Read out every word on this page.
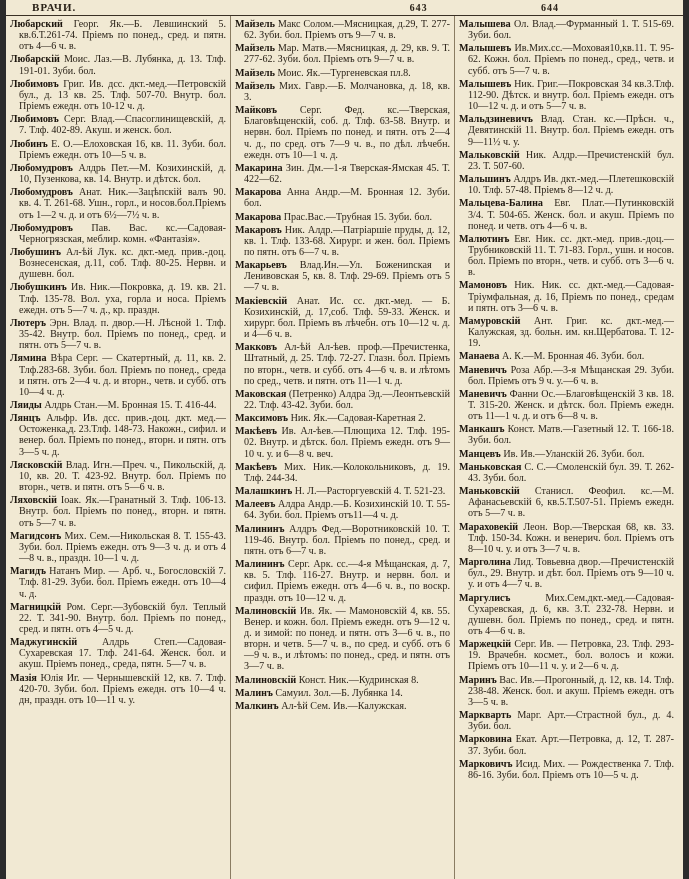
ВРАЧИ.	643	644

Любарский Георг. Як.—Б. Левшинский 5. кв.6.Т.261-74. Пріемъ по понед., сред. и пятн. отъ 4—6 ч. в.

Любарскій Моис. Лаз.—В. Лубянка, д. 13. Тлф. 191-01. Зуби. бол.

Любимовъ Григ. Ив. дсс. дкт.-мед.—Петровскій бул., д. 13 кв. 25. Тлф. 507-70. Внутр. бол. Пріемъ ежедн. отъ 10-12 ч. д.

Любимовъ Серг. Влад.—Спасоглинищевскій, д. 7. Тлф. 402-89. Акуш. и женск. бол.

Любинъ Е. О.—Елоховская 16, кв. 11. Зуби. бол. Пріемъ ежедн. отъ 10—5 ч. в.

Любомудровъ Алдрь Пет.—М. Козихинскій, д. 10, Пузенкова, кв. 14. Внутр. и дѣтск. бол.

Любомудровъ Анат. Ник.—Зацѣпскій валъ 90. кв. 4. Т. 261-68. Ушн., горл., и носов.бол.Пріемъ отъ 1—2 ч. д. и отъ 6½—7½ ч. в.

Любомудровъ Пав. Вас. кс.—Садовая-Черногрязская, меблир. комн. «Фантазія».

Любушинъ Ал-ѣй Лук. кс. дкт.-мед. прив.-доц. Вознесенская, д.11, соб. Тлф. 80-25. Нервн. и душевн. бол.

Любушкинъ Ив. Ник.—Покровка, д. 19. кв. 21. Тлф. 135-78. Вол. уха, горла и носа. Пріемъ ежедн. отъ 5—7 ч. д., кр. праздн.

Лютеръ Эрн. Влад. п. двор.—Н. Лѣсной 1. Тлф. 35-42. Внутр. бол. Пріемъ по понед., сред. и пятн. отъ 5—7 ч. в.

Лямина Вѣра Серг. — Скатертный, д. 11, кв. 2. Тлф.283-68. Зуби. бол. Пріемъ по понед., среда и пятн. отъ 2—4 ч. д. и вторн., четв. и субб. отъ 10—4 ч. д.

Ляиды Алдрь Стан.—М. Бронная 15. Т. 416-44.

Лянцъ Альфр. Ив. дсс. прив.-доц. дкт. мед.—Остоженка,д. 23.Тлф. 148-73. Накожн., сифил. и венер. бол. Пріемъ по понед., вторн. и пятн. отъ 3—5 ч. д.

Лясковскій Влад. Игн.—Преч. ч., Пикольскій, д. 10, кв. 20. Т. 423-92. Внутр. бол. Пріемъ по вторн., четв. и пятн. отъ 5—6 ч. в.

Ляховскій Іоак. Як.—Гранатный 3. Тлф. 106-13. Внутр. бол. Пріемъ по понед., вторн. и пятн. отъ 5—7 ч. в.

Магидсонъ Мих. Сем.—Никольская 8. Т. 155-43. Зуби. бол. Пріемъ ежедн. отъ 9—3 ч. д. и отъ 4—8 ч. в., праздн. 10—1 ч. д.

Магидъ Натанъ Мир. — Арб. ч., Богословскій 7. Тлф. 81-29. Зуби. бол. Пріемъ ежедн. отъ 10—4 ч. д.

Магницкій Ром. Серг.—Зубовскій бул. Теплый 22. Т. 341-90. Внутр. бол. Пріемъ по понед., сред. и пятн. отъ 4—5 ч. д.

Маджугинскій Алдрь Степ.—Садовая-Сухаревская 17. Тлф. 241-64. Женск. бол. и акуш. Пріемъ понед., среда, пятн. 5—7 ч. в.

Мазія Юлія Иг. — Чернышевскій 12, кв. 7. Тлф. 420-70. Зуби. бол. Пріемъ ежедн. отъ 10—4 ч. дн, праздн. отъ 10—11 ч. у.

Майзель Макс Солом.—Мясницкая, д.29, Т. 277-62. Зуби. бол. Пріемъ отъ 9—7 ч. в.

Майзель Мар. Матв.—Мясницкая, д. 29, кв. 9. Т. 277-62. Зуби. бол. Пріемъ отъ 9—7 ч. в.

Майзель Моис. Як.—Тургеневская пл.8.

Майзель Мих. Гавр.—Б. Молчановка, д. 18, кв. 3.

Майковъ Серг. Фед. кс.—Тверская, Благовѣщенскій, соб. д. Тлф. 63-58. Внутр. и нервн. бол. Пріемъ по понед. и пятн. отъ 2—4 ч. д., по сред. отъ 7—9 ч. в., по дѣл. лѣчебн. ежедн. отъ 10—1 ч. д.

Макарина Зин. Дм.—1-я Тверская-Ямская 45. Т. 422—62.

Макарова Анна Андр.—М. Бронная 12. Зуби. бол.

Макарова Прас.Вас.—Трубная 15. Зуби. бол.

Макаровъ Ник. Алдр.—Патріаршіе пруды, д. 12, кв. 1. Тлф. 133-68. Хирург. и жен. бол. Пріемъ по пятн. отъ 6—7 ч. в.

Макарьевъ Влад.Ин.—Ул. Божениnская и Ленивовская 5, кв. 8. Тлф. 29-69. Пріемъ отъ 5—7 ч. в.

Макіевскій Анат. Ис. сс. дкт.-мед. — Б. Козихинскій, д. 17,соб. Тлф. 59-33. Женск. и хирург. бол. Пріемъ въ лѣчебн. отъ 10—12 ч. д. и 4—6 ч. в.

Макковъ Ал-ѣй Ал-ѣев. проф.—Пречистенка, Штатный, д. 25. Тлф. 72-27. Глазн. бол. Пріемъ по вторн., четв. и субб. отъ 4—6 ч. в. и лѣтомъ по сред., четв. и пятн. отъ 11—1 ч. д.

Маковская (Петренко) Алдра Эд.—Леонтьевскій 22. Тлф. 43-42. Зуби. бол.

Максимовъ Ник. Як.—Садовая-Каретная 2.

Макѣевъ Ив. Ал-ѣев.—Плющиха 12. Тлф. 195-02. Внутр. и дѣтск. бол. Пріемъ ежедн. отъ 9—10 ч. у. и 6—8 ч. веч.

Макѣевъ Мих. Ник.—Колокольниковъ, д. 19. Тлф. 244-34.

Малашкинъ Н. Л.—Расторгуевскій 4. Т. 521-23.

Малеевъ Алдра Андр.—Б. Козихинскій 10. Т. 55-64. Зуби. бол. Пріемъ отъ11—4 ч. д.

Малининъ Алдръ Фед.—Воротниковскій 10. Т. 119-46. Внутр. бол. Пріемъ по понед., сред. и пятн. отъ 6—7 ч. в.

Малининъ Серг. Арк. сс.—4-я Мѣщанская, д. 7, кв. 5. Тлф. 116-27. Внутр. и нервн. бол. и сифил. Пріемъ ежедн. отъ 4—6 ч. в., по воскр. праздн. отъ 10—12 ч. д.

Малиновскій Ив. Як. — Мамоновскій 4, кв. 55. Венер. и кожн. бол. Пріемъ ежедн. отъ 9—12 ч. д. и зимой: по понед. и пятн. отъ 3—6 ч. в., по вторн. и четв. 5—7 ч. в., по сред. и субб. отъ 6—9 ч. в., и лѣтомъ: по понед., сред. и пятн. отъ 3—7 ч. в.

Малиновскій Конст. Ник.—Кудринская 8.

Малинъ Самуил. Зол.—Б. Лубянка 14.

Малкинъ Ал-ѣй Сем. Ив.—Калужская.

Малышева Ол. Влад.—Фурманный 1. Т. 515-69. Зуби. бол.

Малышевъ Ив.Мих.сс.—Моховая10,кв.11. Т. 95-62. Кожн. бол. Пріемъ по понед., сред., четв. и субб. отъ 5—7 ч. в.

Малышевъ Ник. Григ.—Покровская 34 кв.3.Тлф. 112-90. Дѣтск. и внутр. бол. Пріемъ ежедн. отъ 10—12 ч. д. и отъ 5—7 ч. в.

Мальдзиневичъ Влад. Стан. кс.—Прѣсн. ч., Девятинскій 11. Внутр. бол. Пріемъ ежедн. отъ 9—11½ ч. у.

Мальковскій Ник. Алдр.—Пречистенскій бул. 23. Т. 507-60.

Мальшинъ Алдръ Ив. дкт.-мед.—Плетешковскій 10. Тлф. 57-48. Пріемъ 8—12 ч. д.

Мальцева-Балина Евг. Плат.—Путинковскій 3/4. Т. 504-65. Женск. бол. и акуш. Пріемъ по понед. и четв. отъ 4—6 ч. в.

Малютинъ Евг. Ник. сс. дкт.-мед. прив.-доц.—Трубниковскій 11. Т. 71-83. Горл., ушн. и носов. бол. Пріемъ по вторн., четв. и субб. отъ 3—6 ч. в.

Мамоновъ Ник. Ник. сс. дкт.-мед.—Садовая-Тріумфальная, д. 16, Пріемъ по понед., средам и пятн. отъ 3—6 ч. в.

Мамуровскій Ант. Григ. кс. дкт.-мед.—Калужская, зд. больн. им. кн.Щербатова. Т. 12-19.

Манаева А. К.—М. Бронная 46. Зуби. бол.

Маневичъ Роза Абр.—3-я Мѣщанская 29. Зуби. бол. Пріемъ отъ 9 ч. у.—6 ч. в.

Маневичъ Фанни Ос.—Благовѣщенскій 3 кв. 18. Т. 315-20. Женск. и дѣтск. бол. Пріемъ ежедн. отъ 11—1 ч. д. и отъ 6—8 ч. в.

Манкашъ Конст. Матв.—Газетный 12. Т. 166-18. Зуби. бол.

Манцевъ Ив. Ив.—Уланскій 26. Зуби. бол.

Маньковская С. С.—Смоленскій бул. 39. Т. 262-43. Зуби. бол.

Маньковскій Станисл. Феофил. кс.—М. Афанасьевскій 6, кв.5.Т.507-51. Пріемъ ежедн. отъ 5—7 ч. в.

Мараховекій Леон. Вор.—Тверская 68, кв. 33. Тлф. 150-34. Кожн. и венерич. бол. Пріемъ отъ 8—10 ч. у. и отъ 3—7 ч. в.

Марголина Лид. Товьевна двор.—Пречистенскій бул., 29. Внутр. и дѣт. бол. Пріемъ отъ 9—10 ч. у. и отъ 4—7 ч. в.

Маргулисъ	Мих.Сем.дкт.-мед.—Садовая-Сухаревская, д. 6, кв. 3.Т. 232-78. Нервн. и душевн. бол. Пріемъ по понед., сред. и пятн. отъ 4—6 ч. в.

Маржецкій Серг. Ив. — Петровка, 23. Тлф. 293-19. Врачебн. космет., бол. волосъ и кожи. Пріемъ отъ 10—11 ч. у. и 2—6 ч. д.

Маринъ Вас. Ив.—Прогонный, д. 12, кв. 14. Тлф. 238-48. Женск. бол. и акуш. Пріемъ ежедн. отъ 3—5 ч. в.

Маркварть Марг. Арт.—Страстной бул., д. 4. Зуби. бол.

Марковина Екат. Арт.—Петровка, д. 12, Т. 287-37. Зуби. бол.

Марковичъ Исид. Мих. — Рождественка 7. Тлф. 86-16. Зуби. бол. Пріемъ отъ 10—5 ч. д.
